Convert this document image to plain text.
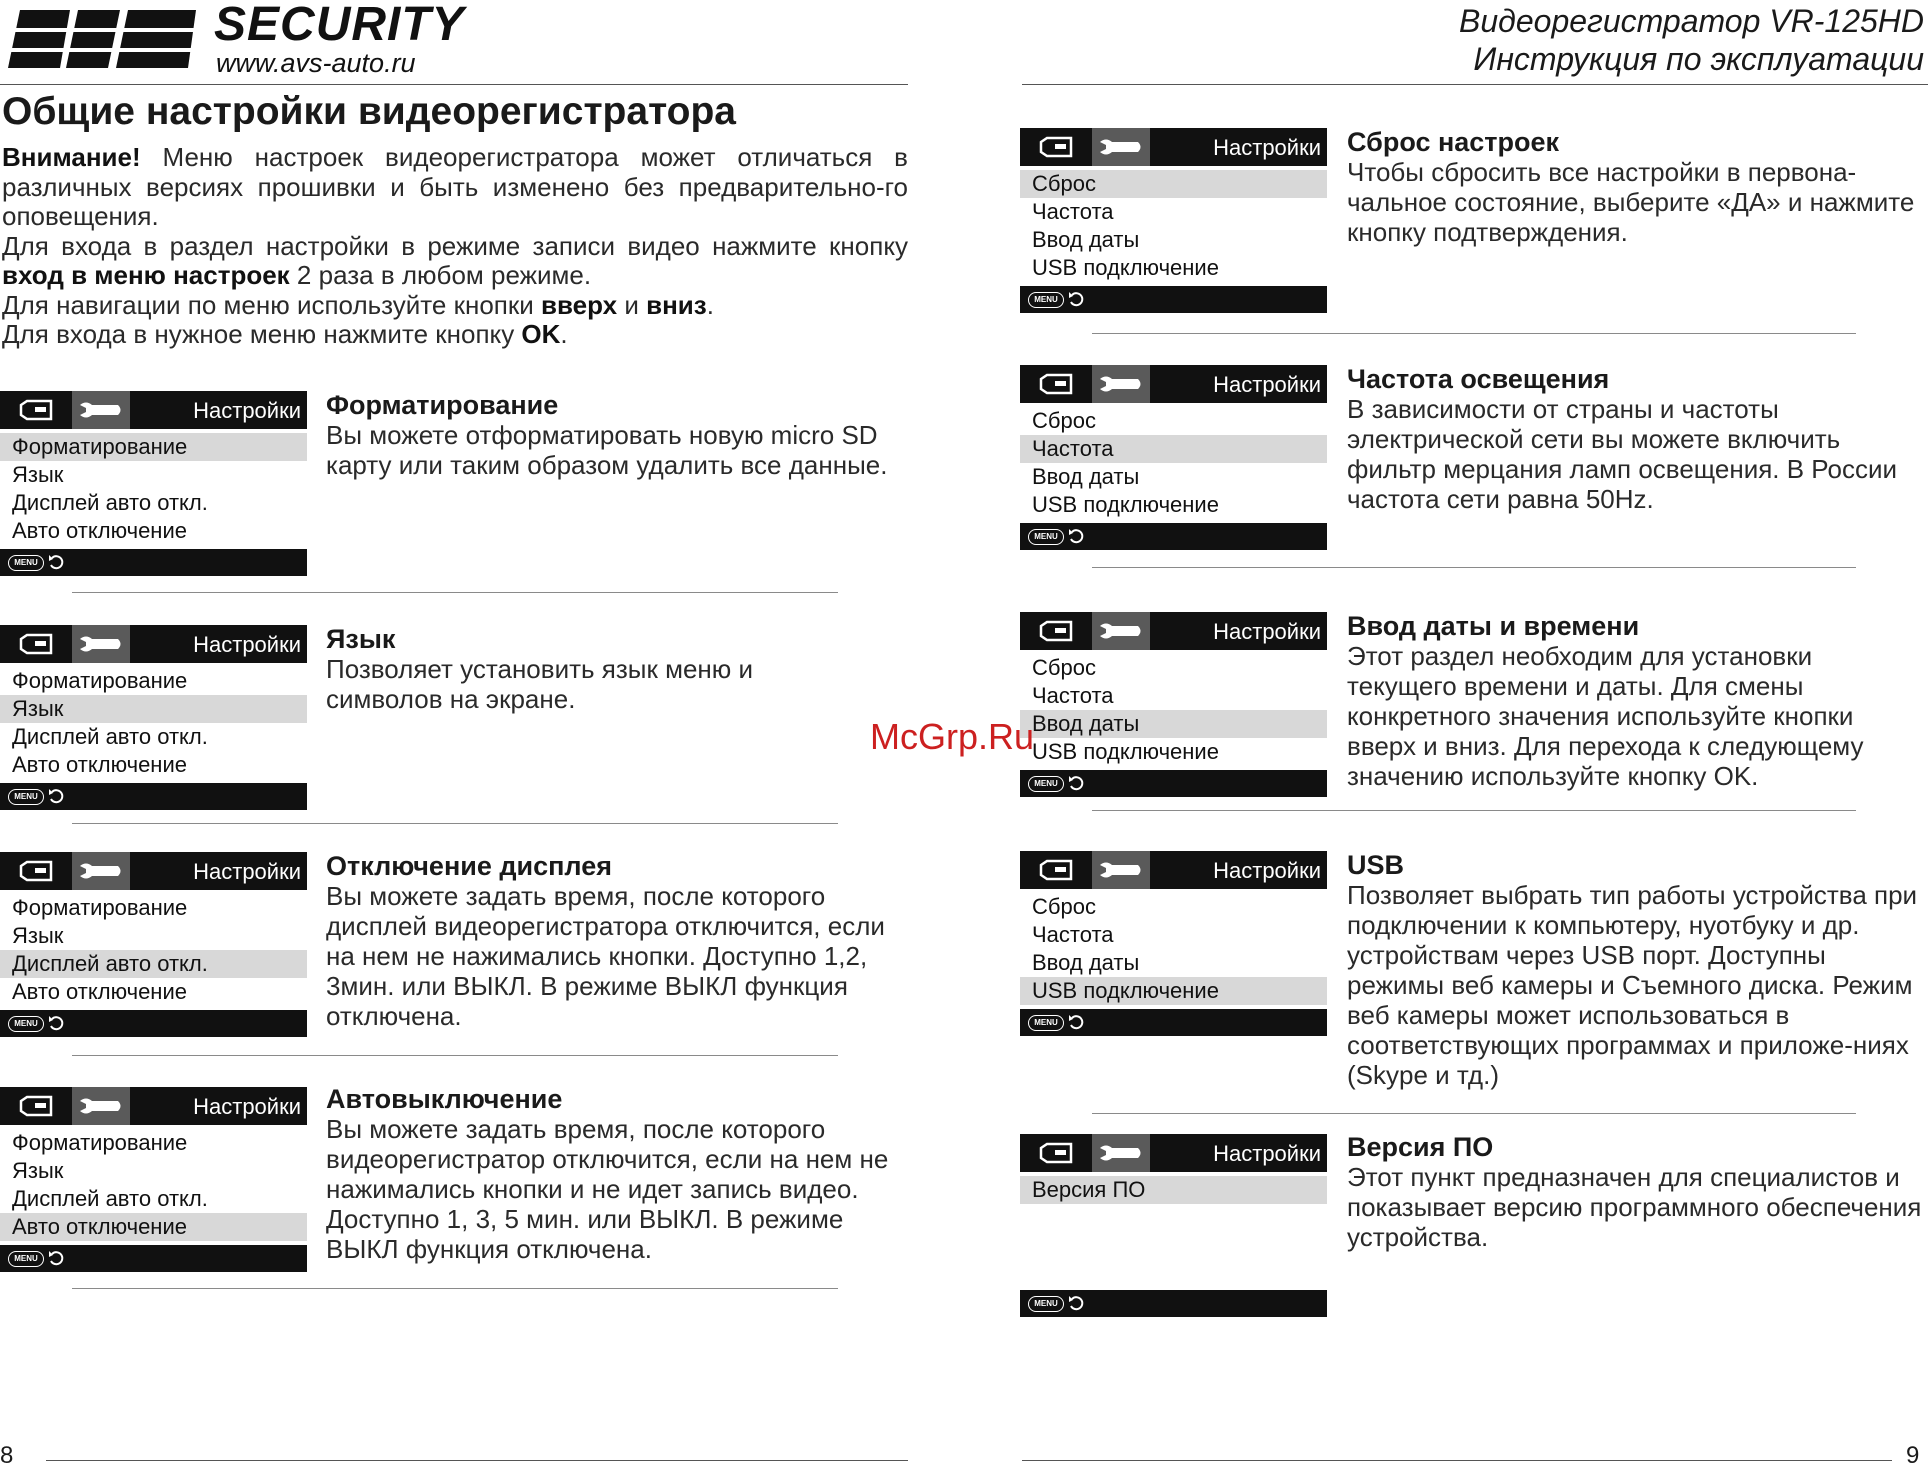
SECURITY
www.avs-auto.ru
Видеорегистратор VR-125HD
Инструкция по эксплуатации
Общие настройки видеорегистратора

Внимание! Меню настроек видеорегистратора может отличаться в различных версиях прошивки и быть изменено без предварительно-го оповещения.

Для входа в раздел настройки в режиме записи видео нажмите кнопку вход в меню настроек 2 раза в любом режиме.

Для навигации по меню используйте кнопки вверх и вниз.

Для входа в нужное меню нажмите кнопку OK.

Настройки
Форматирование
Язык
Дисплей авто откл.
Авто отключение
MENU
Форматирование
Вы можете отформатировать новую micro SD карту или таким образом удалить все данные.
Настройки
Форматирование
Язык
Дисплей авто откл.
Авто отключение
MENU
Язык
Позволяет установить язык меню и символов на экране.
Настройки
Форматирование
Язык
Дисплей авто откл.
Авто отключение
MENU
Отключение дисплея
Вы можете задать время, после которого дисплей видеорегистратора отключится, если на нем не нажимались кнопки. Доступно 1,2, 3мин. или ВЫКЛ. В режиме ВЫКЛ функция отключена.
Настройки
Форматирование
Язык
Дисплей авто откл.
Авто отключение
MENU
Автовыключение
Вы можете задать время, после которого видеорегистратор отключится, если на нем не нажимались кнопки и не идет запись видео. Доступно 1, 3, 5 мин. или ВЫКЛ. В режиме ВЫКЛ функция отключена.
8
Настройки
Сброс
Частота
Ввод даты
USB подключение
MENU
Сброс настроек
Чтобы сбросить все настройки в первона-чальное состояние, выберите «ДА» и нажмите кнопку подтверждения.
Настройки
Сброс
Частота
Ввод даты
USB подключение
MENU
Частота освещения
В зависимости от страны и частоты электрической сети вы можете включить фильтр мерцания ламп освещения. В России частота сети равна 50Hz.
Настройки
Сброс
Частота
Ввод даты
USB подключение
MENU
Ввод даты и времени
Этот раздел необходим для установки текущего времени и даты. Для смены конкретного значения используйте кнопки вверх и вниз. Для перехода к следующему значению используйте кнопку OK.
Настройки
Сброс
Частота
Ввод даты
USB подключение
MENU
USB
Позволяет выбрать тип работы устройства при подключении к компьютеру, нуотбуку и др. устройствам через USB порт. Доступны режимы веб камеры и Съемного диска. Режим веб камеры может использоваться в соответствующих программах и приложе-ниях (Skype и тд.)
Настройки
Версия ПО
MENU
Версия ПО
Этот пункт предназначен для специалистов и показывает версию программного обеспечения устройства.
9
McGrp.Ru
